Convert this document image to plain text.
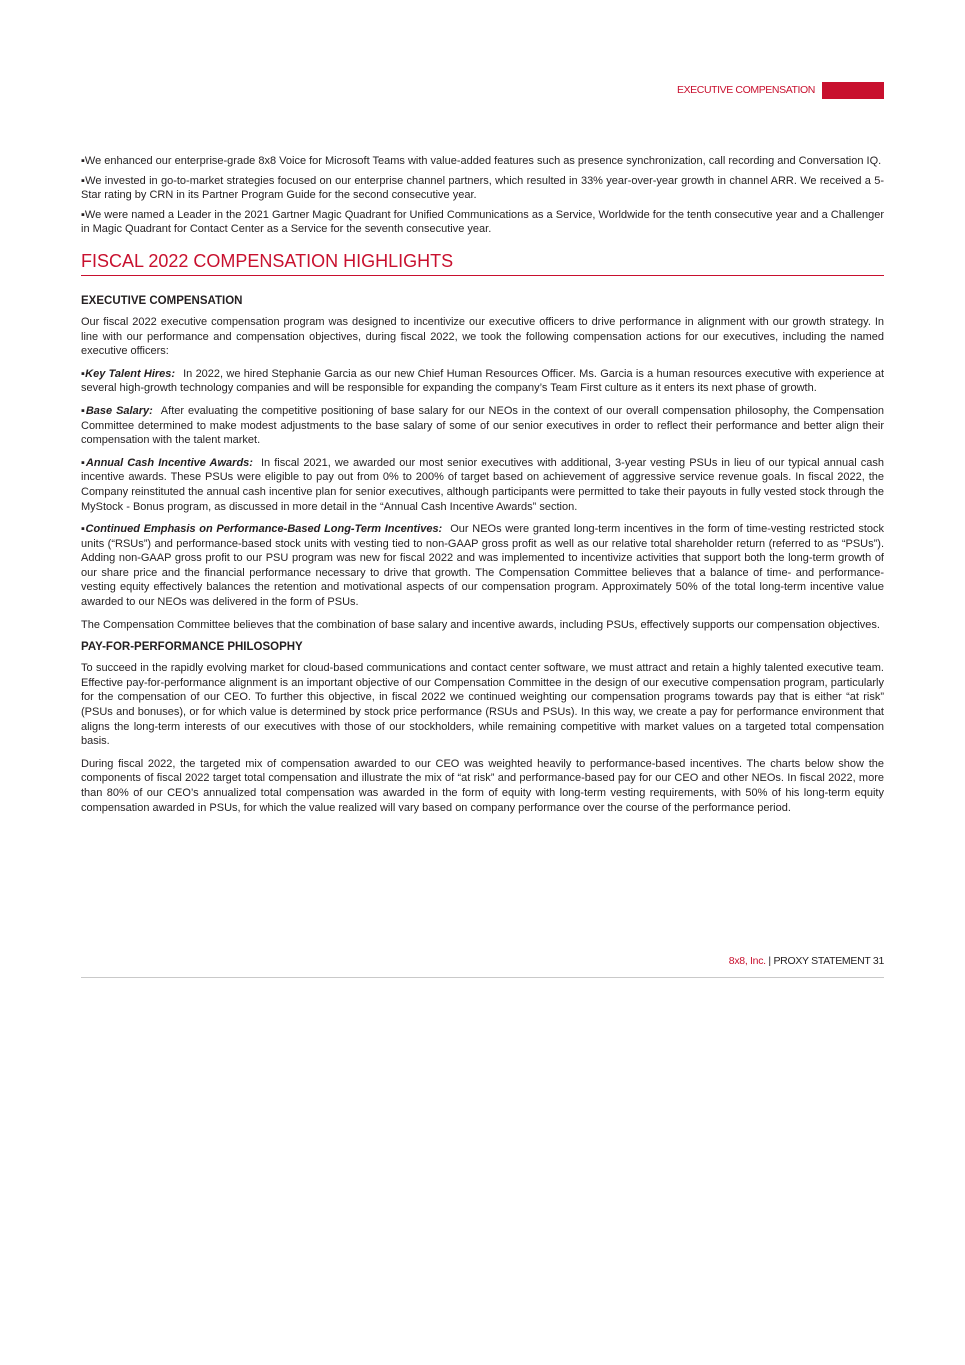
EXECUTIVE COMPENSATION

▪We enhanced our enterprise-grade 8x8 Voice for Microsoft Teams with value-added features such as presence synchronization, call recording and Conversation IQ.

▪We invested in go-to-market strategies focused on our enterprise channel partners, which resulted in 33% year-over-year growth in channel ARR. We received a 5-Star rating by CRN in its Partner Program Guide for the second consecutive year.

▪We were named a Leader in the 2021 Gartner Magic Quadrant for Unified Communications as a Service, Worldwide for the tenth consecutive year and a Challenger in Magic Quadrant for Contact Center as a Service for the seventh consecutive year.

FISCAL 2022 COMPENSATION HIGHLIGHTS
EXECUTIVE COMPENSATION

Our fiscal 2022 executive compensation program was designed to incentivize our executive officers to drive performance in alignment with our growth strategy. In line with our performance and compensation objectives, during fiscal 2022, we took the following compensation actions for our executives, including the named executive officers:

▪Key Talent Hires: In 2022, we hired Stephanie Garcia as our new Chief Human Resources Officer. Ms. Garcia is a human resources executive with experience at several high-growth technology companies and will be responsible for expanding the company’s Team First culture as it enters its next phase of growth.

▪Base Salary: After evaluating the competitive positioning of base salary for our NEOs in the context of our overall compensation philosophy, the Compensation Committee determined to make modest adjustments to the base salary of some of our senior executives in order to reflect their performance and better align their compensation with the talent market.

▪Annual Cash Incentive Awards: In fiscal 2021, we awarded our most senior executives with additional, 3-year vesting PSUs in lieu of our typical annual cash incentive awards. These PSUs were eligible to pay out from 0% to 200% of target based on achievement of aggressive service revenue goals. In fiscal 2022, the Company reinstituted the annual cash incentive plan for senior executives, although participants were permitted to take their payouts in fully vested stock through the MyStock - Bonus program, as discussed in more detail in the “Annual Cash Incentive Awards” section.

▪Continued Emphasis on Performance-Based Long-Term Incentives: Our NEOs were granted long-term incentives in the form of time-vesting restricted stock units (“RSUs”) and performance-based stock units with vesting tied to non-GAAP gross profit as well as our relative total shareholder return (referred to as “PSUs”). Adding non-GAAP gross profit to our PSU program was new for fiscal 2022 and was implemented to incentivize activities that support both the long-term growth of our share price and the financial performance necessary to drive that growth. The Compensation Committee believes that a balance of time- and performance-vesting equity effectively balances the retention and motivational aspects of our compensation program. Approximately 50% of the total long-term incentive value awarded to our NEOs was delivered in the form of PSUs.

The Compensation Committee believes that the combination of base salary and incentive awards, including PSUs, effectively supports our compensation objectives.

PAY-FOR-PERFORMANCE PHILOSOPHY

To succeed in the rapidly evolving market for cloud-based communications and contact center software, we must attract and retain a highly talented executive team. Effective pay-for-performance alignment is an important objective of our Compensation Committee in the design of our executive compensation program, particularly for the compensation of our CEO. To further this objective, in fiscal 2022 we continued weighting our compensation programs towards pay that is either “at risk” (PSUs and bonuses), or for which value is determined by stock price performance (RSUs and PSUs). In this way, we create a pay for performance environment that aligns the long-term interests of our executives with those of our stockholders, while remaining competitive with market values on a targeted total compensation basis.

During fiscal 2022, the targeted mix of compensation awarded to our CEO was weighted heavily to performance-based incentives. The charts below show the components of fiscal 2022 target total compensation and illustrate the mix of “at risk” and performance-based pay for our CEO and other NEOs. In fiscal 2022, more than 80% of our CEO’s annualized total compensation was awarded in the form of equity with long-term vesting requirements, with 50% of his long-term equity compensation awarded in PSUs, for which the value realized will vary based on company performance over the course of the performance period.

8x8, Inc. | PROXY STATEMENT 31
